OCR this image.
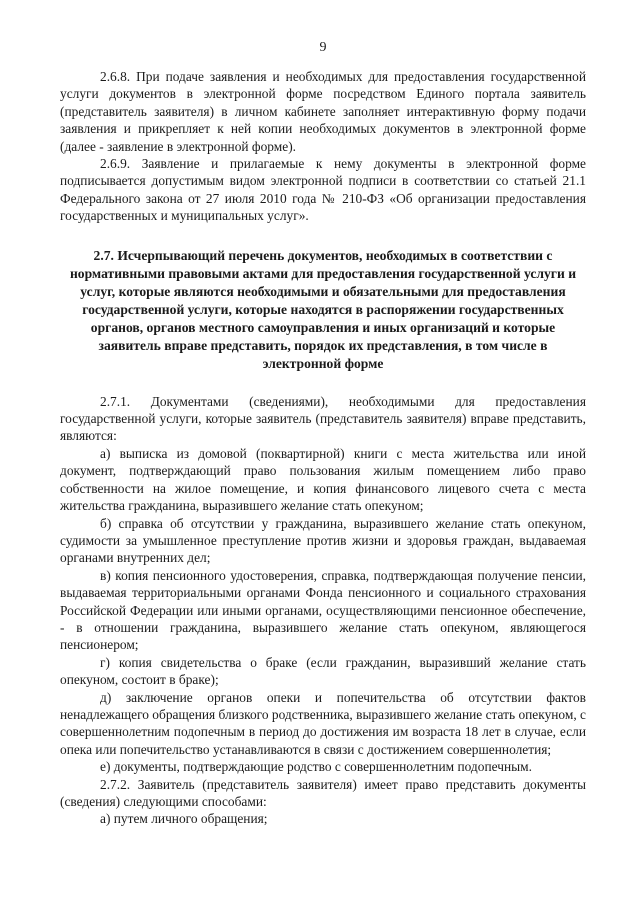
9

2.6.8. При подаче заявления и необходимых для предоставления государственной услуги документов в электронной форме посредством Единого портала заявитель (представитель заявителя) в личном кабинете заполняет интерактивную форму подачи заявления и прикрепляет к ней копии необходимых документов в электронной форме (далее - заявление в электронной форме).

2.6.9. Заявление и прилагаемые к нему документы в электронной форме подписывается допустимым видом электронной подписи в соответствии со статьей 21.1 Федерального закона от 27 июля 2010 года № 210-ФЗ «Об организации предоставления государственных и муниципальных услуг».

2.7. Исчерпывающий перечень документов, необходимых в соответствии с нормативными правовыми актами для предоставления государственной услуги и услуг, которые являются необходимыми и обязательными для предоставления государственной услуги, которые находятся в распоряжении государственных органов, органов местного самоуправления и иных организаций и которые заявитель вправе представить, порядок их представления, в том числе в электронной форме

2.7.1. Документами (сведениями), необходимыми для предоставления государственной услуги, которые заявитель (представитель заявителя) вправе представить, являются:

а) выписка из домовой (поквартирной) книги с места жительства или иной документ, подтверждающий право пользования жилым помещением либо право собственности на жилое помещение, и копия финансового лицевого счета с места жительства гражданина, выразившего желание стать опекуном;

б) справка об отсутствии у гражданина, выразившего желание стать опекуном, судимости за умышленное преступление против жизни и здоровья граждан, выдаваемая органами внутренних дел;

в) копия пенсионного удостоверения, справка, подтверждающая получение пенсии, выдаваемая территориальными органами Фонда пенсионного и социального страхования Российской Федерации или иными органами, осуществляющими пенсионное обеспечение, - в отношении гражданина, выразившего желание стать опекуном, являющегося пенсионером;

г) копия свидетельства о браке (если гражданин, выразивший желание стать опекуном, состоит в браке);

д) заключение органов опеки и попечительства об отсутствии фактов ненадлежащего обращения близкого родственника, выразившего желание стать опекуном, с совершеннолетним подопечным в период до достижения им возраста 18 лет в случае, если опека или попечительство устанавливаются в связи с достижением совершеннолетия;

е) документы, подтверждающие родство с совершеннолетним подопечным.

2.7.2. Заявитель (представитель заявителя) имеет право представить документы (сведения) следующими способами:

а) путем личного обращения;
